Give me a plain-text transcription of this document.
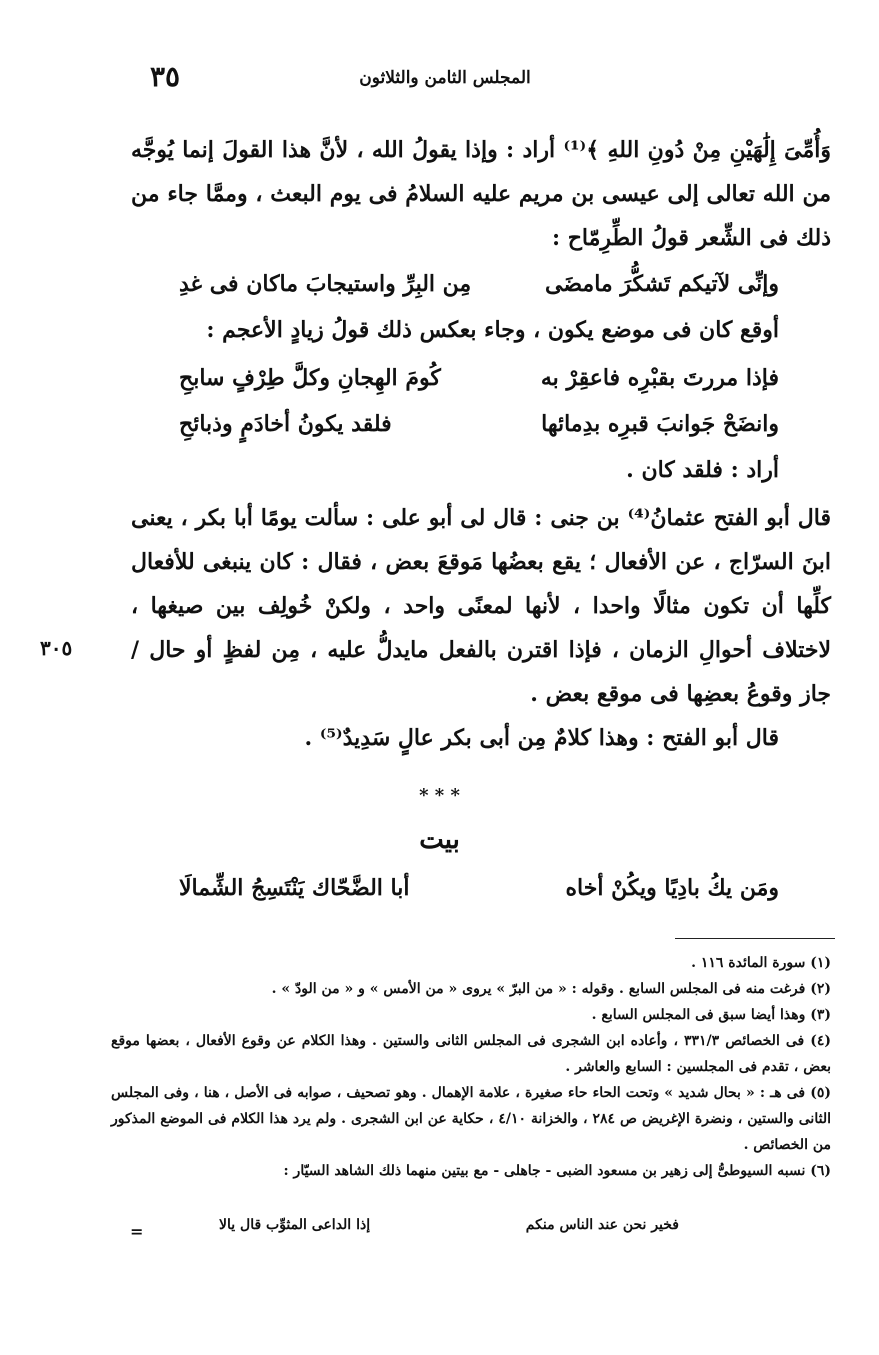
٣٥	المجلس الثامن والثلاثون
وَأُمِّىَ إِلَٰهَيْنِ مِنْ دُونِ اللهِ ﴾⁽¹⁾ أراد : وإذا يقولُ الله ، لأنَّ هذا القولَ إنما يُوجَّه من الله تعالى إلى عيسى بن مريم عليه السلامُ فى يوم البعث ، وممَّا جاء من ذلك فى الشِّعر قولُ الطِّرِمّاح :
وإنِّى لآتيكم تَشكُّرَ مامضَىمِن البِرِّ واستيجابَ ماكان فى غدِ
أوقع كان فى موضع يكون ، وجاء بعكس ذلك قولُ زيادٍ الأعجم :
فإذا مررتَ بقبْرِه فاعقِرْ بهكُومَ الهِجانِ وكلَّ طِرْفٍ سابحِ
وانضَحْ جَوانبَ قبرِه بدِمائهافلقد يكونُ أخادَمٍ وذبائحِ
أراد : فلقد كان .
قال أبو الفتح عثمانُ⁽⁴⁾ بن جنى : قال لى أبو على : سألت يومًا أبا بكر ، يعنى ابنَ السرّاج ، عن الأفعال ؛ يقع بعضُها مَوقعَ بعض ، فقال : كان ينبغى للأفعال كلِّها أن تكون مثالًا واحدا ، لأنها لمعنًى واحد ، ولكنْ خُولِف بين صيغها ، لاختلاف أحوالِ الزمان ، فإذا اقترن بالفعل مايدلُّ عليه ، مِن لفظٍ أو حال / جاز وقوعُ بعضِها فى موقع بعض .
٣٠٥
قال أبو الفتح : وهذا كلامٌ مِن أبى بكر عالٍ سَدِيدٌ⁽⁵⁾ .
* * *
بيت
ومَن يكُ بادِيًا ويكُنْ أخاهأبا الضَّحّاك يَنْتَسِجُ الشِّمالَا
(١) سورة المائدة ١١٦ .
(٢) فرغت منه فى المجلس السابع . وقوله : « من البرّ » يروى « من الأمس » و « من الودّ » .
(٣) وهذا أيضا سبق فى المجلس السابع .
(٤) فى الخصائص ٣٣١/٣ ، وأعاده ابن الشجرى فى المجلس الثانى والستين . وهذا الكلام عن وقوع الأفعال ، بعضها موقع بعض ، تقدم فى المجلسين : السابع والعاشر .
(٥) فى هـ : « بحال شديد » وتحت الحاء حاء صغيرة ، علامة الإهمال . وهو تصحيف ، صوابه فى الأصل ، هنا ، وفى المجلس الثانى والستين ، ونضرة الإغريض ص ٢٨٤ ، والخزانة ٤/١٠ ، حكاية عن ابن الشجرى . ولم يرد هذا الكلام فى الموضع المذكور من الخصائص .
(٦) نسبه السيوطىُّ إلى زهير بن مسعود الضبى - جاهلى - مع بيتين منهما ذلك الشاهد السيّار :
فخير نحن عند الناس منكمإذا الداعى المثوِّب قال يالا
=
